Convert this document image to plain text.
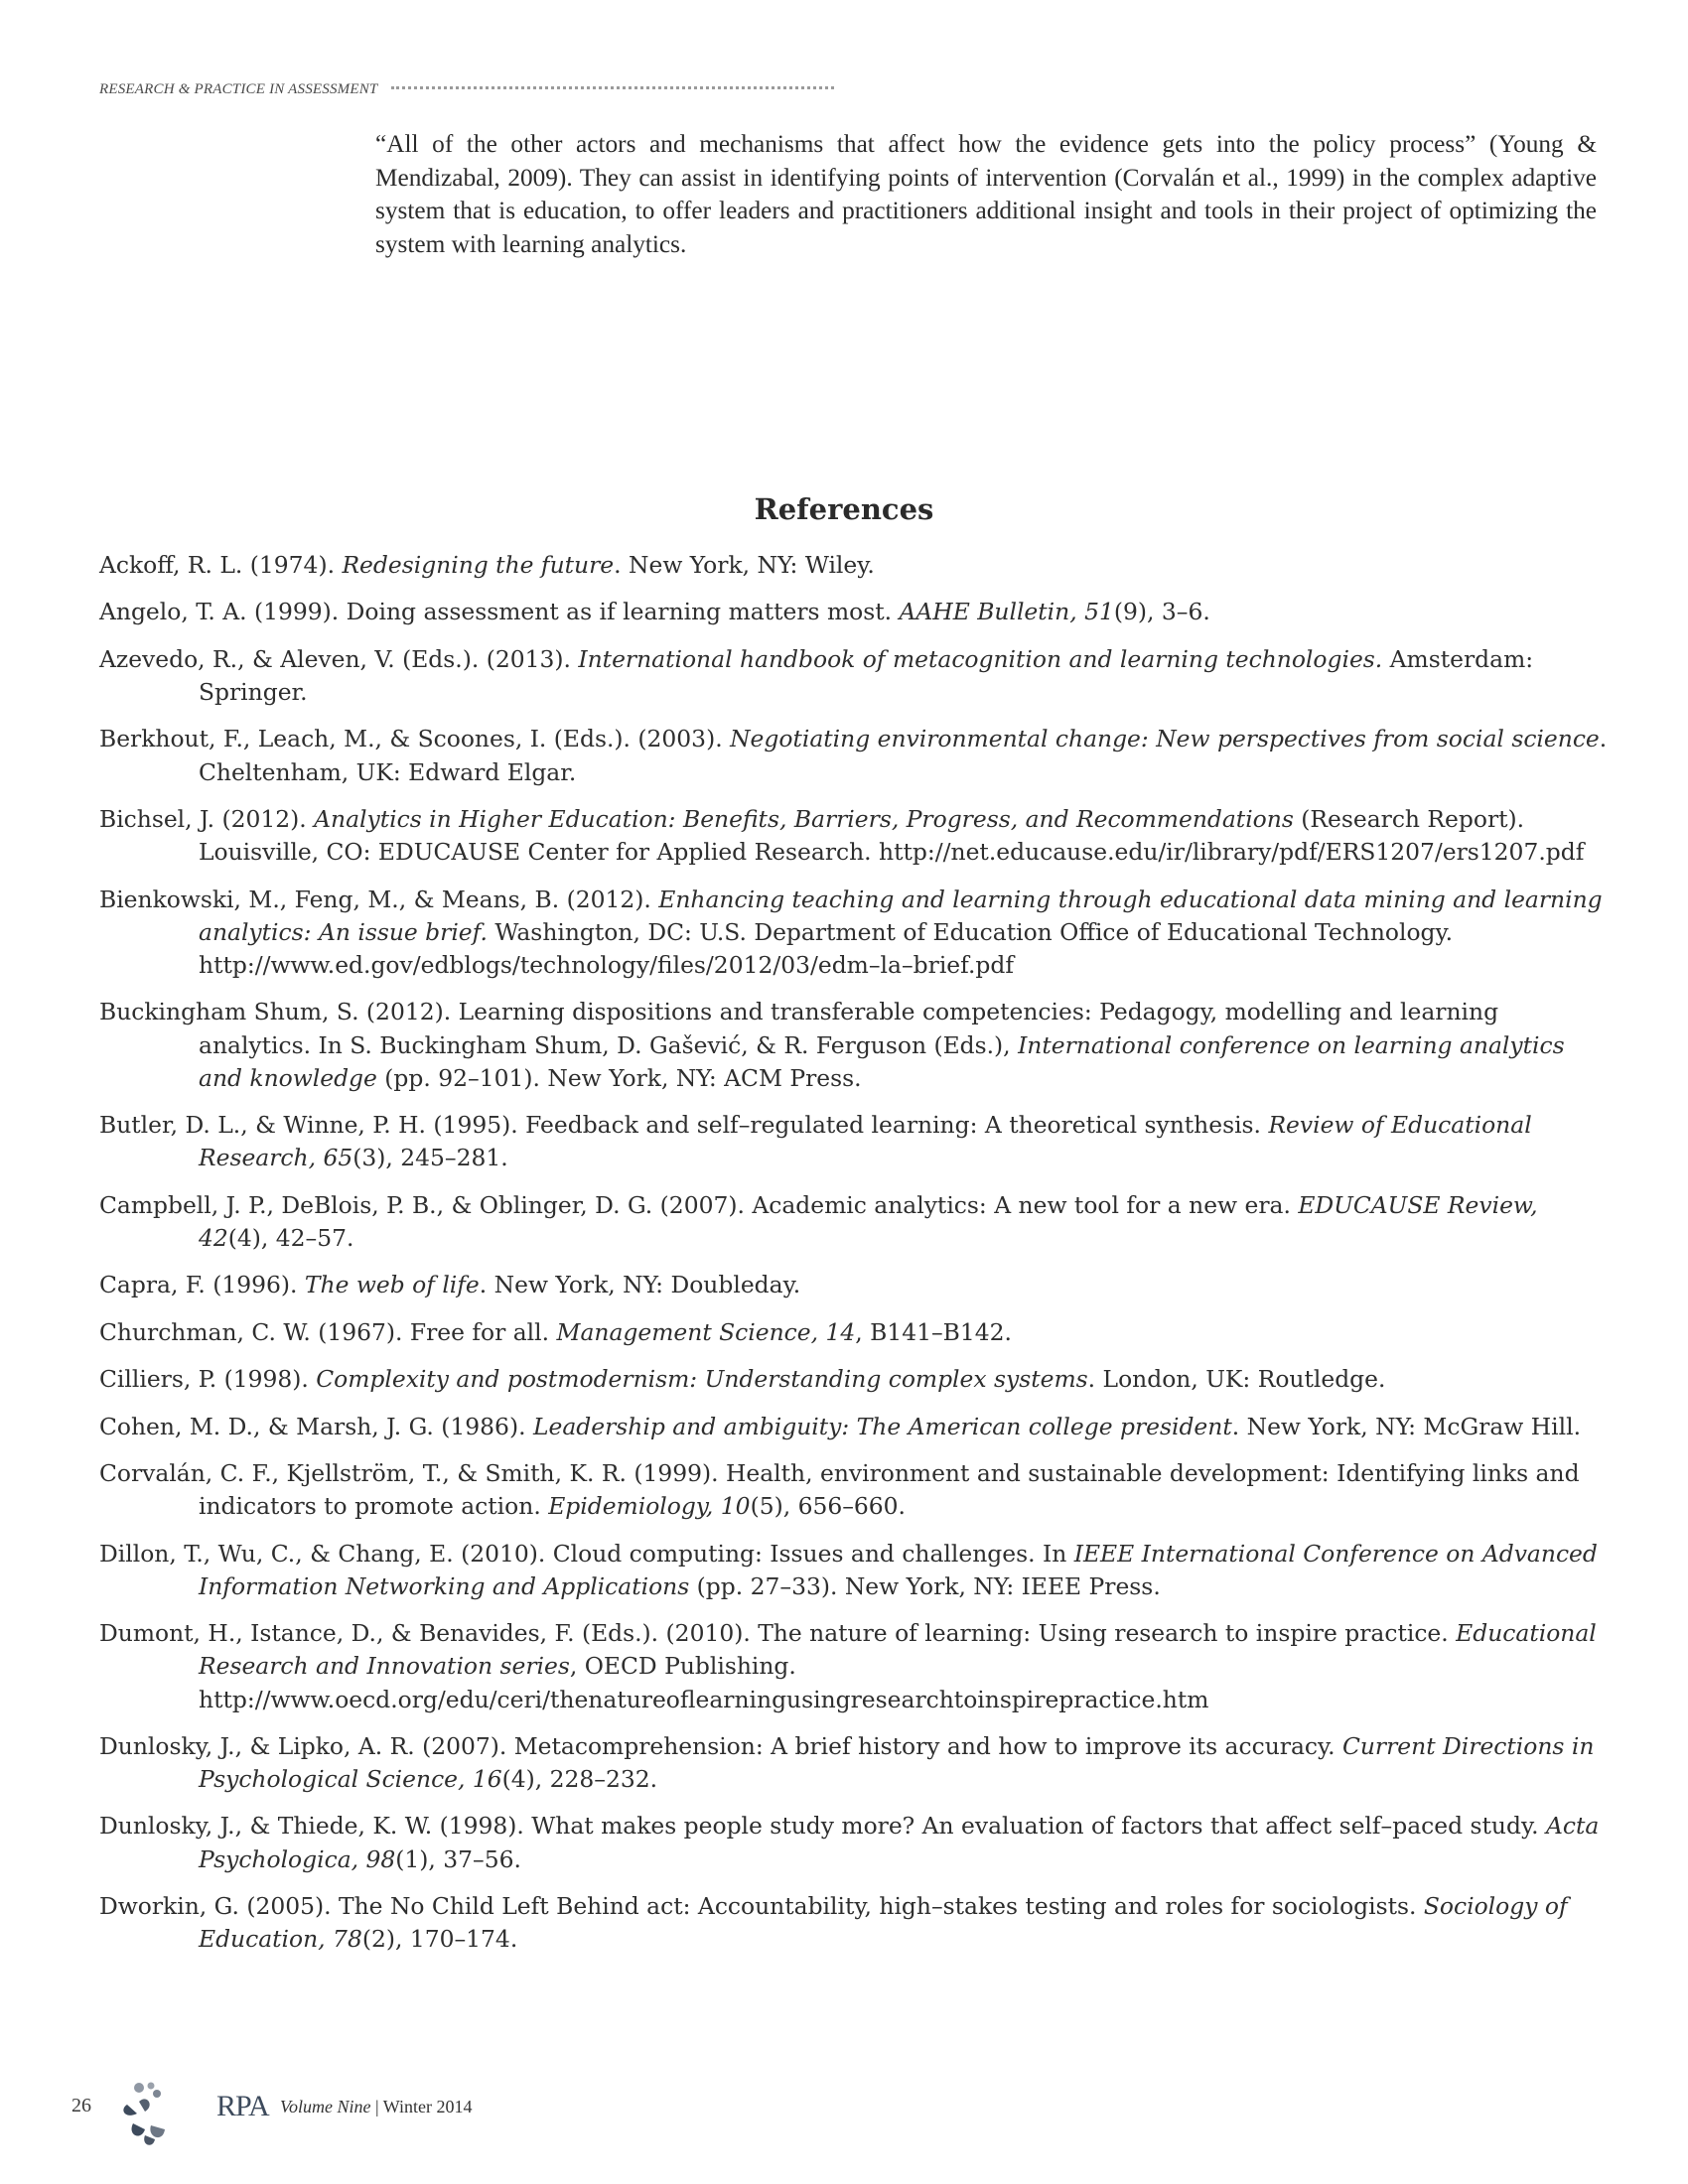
RESEARCH & PRACTICE IN ASSESSMENT

“All of the other actors and mechanisms that affect how the evidence gets into the policy process” (Young & Mendizabal, 2009). They can assist in identifying points of intervention (Corvalán et al., 1999) in the complex adaptive system that is education, to offer leaders and practitioners additional insight and tools in their project of optimizing the system with learning analytics.

References
Ackoff, R. L. (1974). Redesigning the future. New York, NY: Wiley.
Angelo, T. A. (1999). Doing assessment as if learning matters most. AAHE Bulletin, 51(9), 3–6.
Azevedo, R., & Aleven, V. (Eds.). (2013). International handbook of metacognition and learning technologies. Amsterdam: Springer.
Berkhout, F., Leach, M., & Scoones, I. (Eds.). (2003). Negotiating environmental change: New perspectives from social science. Cheltenham, UK: Edward Elgar.
Bichsel, J. (2012). Analytics in Higher Education: Benefits, Barriers, Progress, and Recommendations (Research Report). Louisville, CO: EDUCAUSE Center for Applied Research. http://net.educause.edu/ir/library/pdf/ERS1207/ers1207.pdf
Bienkowski, M., Feng, M., & Means, B. (2012). Enhancing teaching and learning through educational data mining and learning analytics: An issue brief. Washington, DC: U.S. Department of Education Office of Educational Technology. http://www.ed.gov/edblogs/technology/files/2012/03/edm–la–brief.pdf
Buckingham Shum, S. (2012). Learning dispositions and transferable competencies: Pedagogy, modelling and learning analytics. In S. Buckingham Shum, D. Gašević, & R. Ferguson (Eds.), International conference on learning analytics and knowledge (pp. 92–101). New York, NY: ACM Press.
Butler, D. L., & Winne, P. H. (1995). Feedback and self–regulated learning: A theoretical synthesis. Review of Educational Research, 65(3), 245–281.
Campbell, J. P., DeBlois, P. B., & Oblinger, D. G. (2007). Academic analytics: A new tool for a new era. EDUCAUSE Review, 42(4), 42–57.
Capra, F. (1996). The web of life. New York, NY: Doubleday.
Churchman, C. W. (1967). Free for all. Management Science, 14, B141–B142.
Cilliers, P. (1998). Complexity and postmodernism: Understanding complex systems. London, UK: Routledge.
Cohen, M. D., & Marsh, J. G. (1986). Leadership and ambiguity: The American college president. New York, NY: McGraw Hill.
Corvalán, C. F., Kjellström, T., & Smith, K. R. (1999). Health, environment and sustainable development: Identifying links and indicators to promote action. Epidemiology, 10(5), 656–660.
Dillon, T., Wu, C., & Chang, E. (2010). Cloud computing: Issues and challenges. In IEEE International Conference on Advanced Information Networking and Applications (pp. 27–33). New York, NY: IEEE Press.
Dumont, H., Istance, D., & Benavides, F. (Eds.). (2010). The nature of learning: Using research to inspire practice. Educational Research and Innovation series, OECD Publishing. http://www.oecd.org/edu/ceri/thenatureoflearningusingresearchtoinspirepractice.htm
Dunlosky, J., & Lipko, A. R. (2007). Metacomprehension: A brief history and how to improve its accuracy. Current Directions in Psychological Science, 16(4), 228–232.
Dunlosky, J., & Thiede, K. W. (1998). What makes people study more? An evaluation of factors that affect self–paced study. Acta Psychologica, 98(1), 37–56.
Dworkin, G. (2005). The No Child Left Behind act: Accountability, high–stakes testing and roles for sociologists. Sociology of Education, 78(2), 170–174.
26	RPA Volume Nine | Winter 2014
